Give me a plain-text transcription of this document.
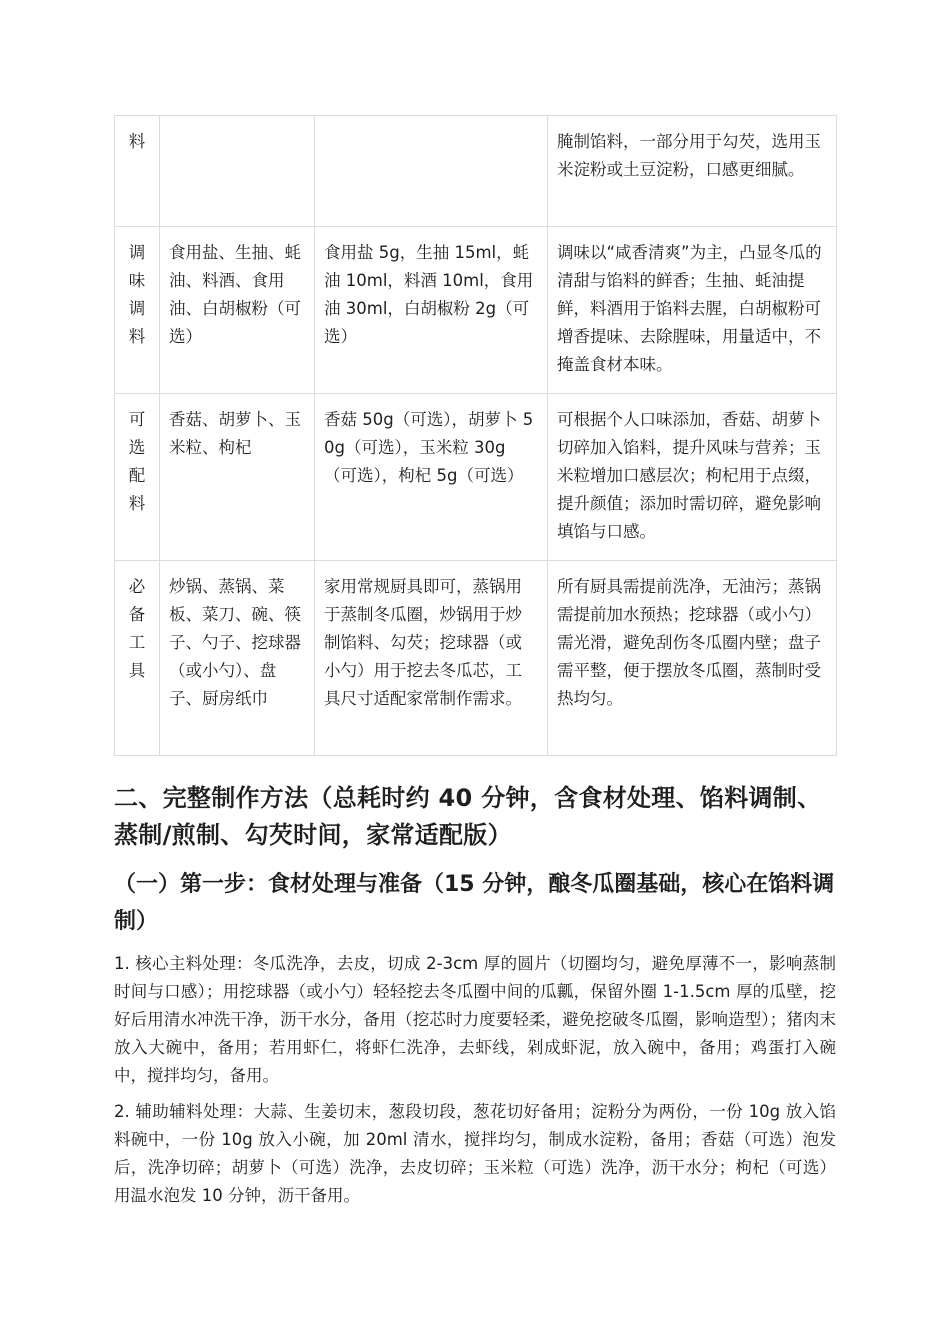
料			腌制馅料，一部分用于勾芡，选用玉米淀粉或土豆淀粉，口感更细腻。
调味调料	食用盐、生抽、蚝油、料酒、食用油、白胡椒粉（可选）	食用盐 5g，生抽 15ml，蚝油 10ml，料酒 10ml，食用油 30ml，白胡椒粉 2g（可选）	调味以“咸香清爽”为主，凸显冬瓜的清甜与馅料的鲜香；生抽、蚝油提鲜，料酒用于馅料去腥，白胡椒粉可增香提味、去除腥味，用量适中，不掩盖食材本味。
可选配料	香菇、胡萝卜、玉米粒、枸杞	香菇 50g（可选），胡萝卜 50g（可选），玉米粒 30g（可选），枸杞 5g（可选）	可根据个人口味添加，香菇、胡萝卜切碎加入馅料，提升风味与营养；玉米粒增加口感层次；枸杞用于点缀，提升颜值；添加时需切碎，避免影响填馅与口感。
必备工具	炒锅、蒸锅、菜板、菜刀、碗、筷子、勺子、挖球器（或小勺）、盘子、厨房纸巾	家用常规厨具即可，蒸锅用于蒸制冬瓜圈，炒锅用于炒制馅料、勾芡；挖球器（或小勺）用于挖去冬瓜芯，工具尺寸适配家常制作需求。	所有厨具需提前洗净，无油污；蒸锅需提前加水预热；挖球器（或小勺）需光滑，避免刮伤冬瓜圈内壁；盘子需平整，便于摆放冬瓜圈，蒸制时受热均匀。
二、完整制作方法（总耗时约 40 分钟，含食材处理、馅料调制、蒸制/煎制、勾芡时间，家常适配版）
（一）第一步：食材处理与准备（15 分钟，酿冬瓜圈基础，核心在馅料调制）

1. 核心主料处理：冬瓜洗净，去皮，切成 2-3cm 厚的圆片（切圈均匀，避免厚薄不一，影响蒸制时间与口感）；用挖球器（或小勺）轻轻挖去冬瓜圈中间的瓜瓤，保留外圈 1-1.5cm 厚的瓜壁，挖好后用清水冲洗干净，沥干水分，备用（挖芯时力度要轻柔，避免挖破冬瓜圈，影响造型）；猪肉末放入大碗中，备用；若用虾仁，将虾仁洗净，去虾线，剁成虾泥，放入碗中，备用；鸡蛋打入碗中，搅拌均匀，备用。

2. 辅助辅料处理：大蒜、生姜切末，葱段切段，葱花切好备用；淀粉分为两份，一份 10g 放入馅料碗中，一份 10g 放入小碗，加 20ml 清水，搅拌均匀，制成水淀粉，备用；香菇（可选）泡发后，洗净切碎；胡萝卜（可选）洗净，去皮切碎；玉米粒（可选）洗净，沥干水分；枸杞（可选）用温水泡发 10 分钟，沥干备用。
